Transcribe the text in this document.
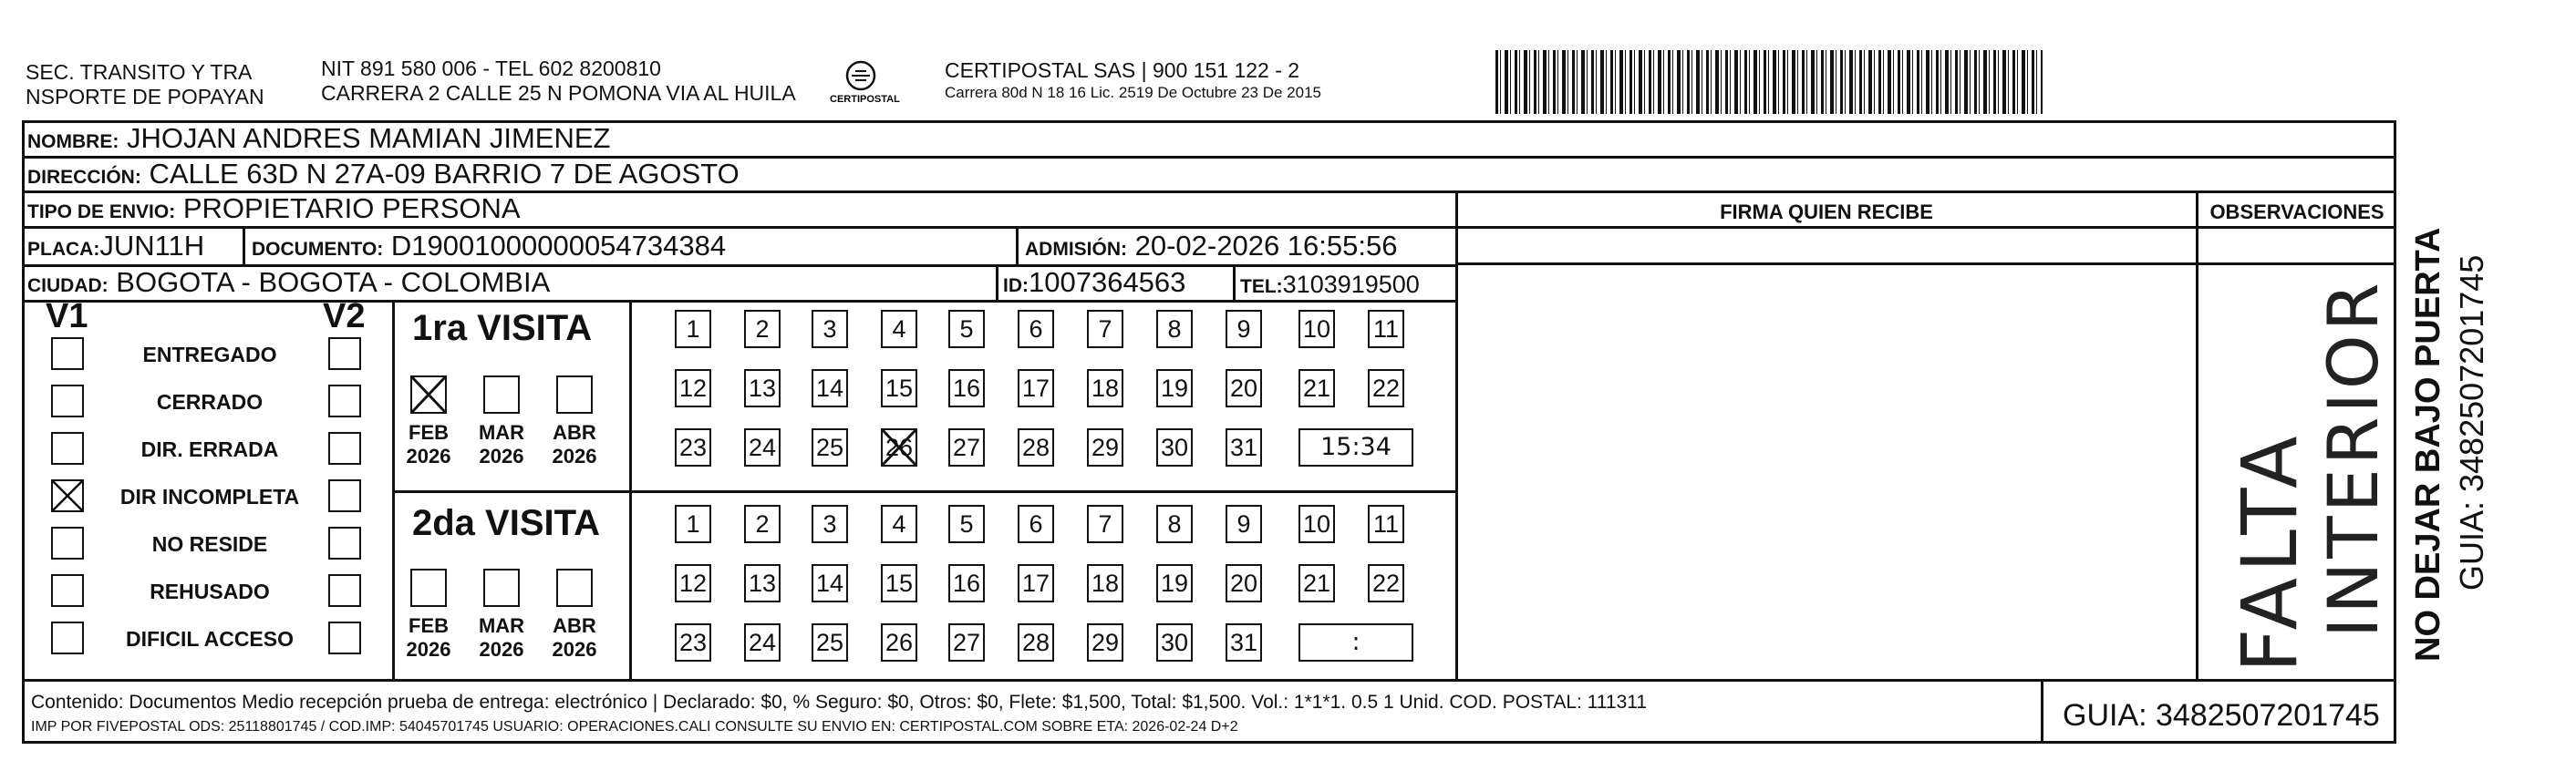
SEC. TRANSITO Y TRA
NSPORTE DE POPAYAN
NIT 891 580 006 - TEL 602 8200810
CARRERA 2 CALLE 25 N POMONA VIA AL HUILA	CERTIPOSTAL
CERTIPOSTAL SAS | 900 151 122 - 2
Carrera 80d N 18 16 Lic. 2519 De Octubre 23 De 2015
NOMBRE: JHOJAN ANDRES MAMIAN JIMENEZ
DIRECCIÓN: CALLE 63D N 27A-09 BARRIO 7 DE AGOSTO
TIPO DE ENVIO: PROPIETARIO PERSONA	FIRMA QUIEN RECIBE	OBSERVACIONES
PLACA:JUN11H DOCUMENTO: D19001000000054734384	ADMISIÓN: 20-02-2026 16:55:56
CIUDAD: BOGOTA - BOGOTA - COLOMBIA	ID:1007364563	TEL:3103919500
V1	V2
ENTREGADO
CERRADO
DIR. ERRADA
DIR INCOMPLETA
NO RESIDE
REHUSADO
DIFICIL ACCESO
1ra VISITA
FEB
2026
MAR
2026
ABR
2026
1	2	3	4	5	6	7	8	9	10 11
12 13 14 15 16 17 18 19 20 21 22
23 24 25 26 27 28 29 30 31	15:34
2da VISITA
FEB
2026
MAR
2026
ABR
2026
1	2	3	4	5	6	7	8	9	10 11
12 13 14 15 16 17 18 19 20 21 22
23 24 25 26 27 28 29 30 31	:	FALTA
INTERIOR
Contenido: Documentos Medio recepción prueba de entrega: electrónico | Declarado: $0, % Seguro: $0, Otros: $0, Flete: $1,500, Total: $1,500. Vol.: 1*1*1. 0.5 1 Unid. COD. POSTAL: 111311
IMP POR FIVEPOSTAL ODS: 25118801745 / COD.IMP: 54045701745 USUARIO: OPERACIONES.CALI CONSULTE SU ENVIO EN: CERTIPOSTAL.COM SOBRE ETA: 2026-02-24 D+2	GUIA: 3482507201745
NO DEJAR BAJO PUERTA GUIA: 3482507201745
